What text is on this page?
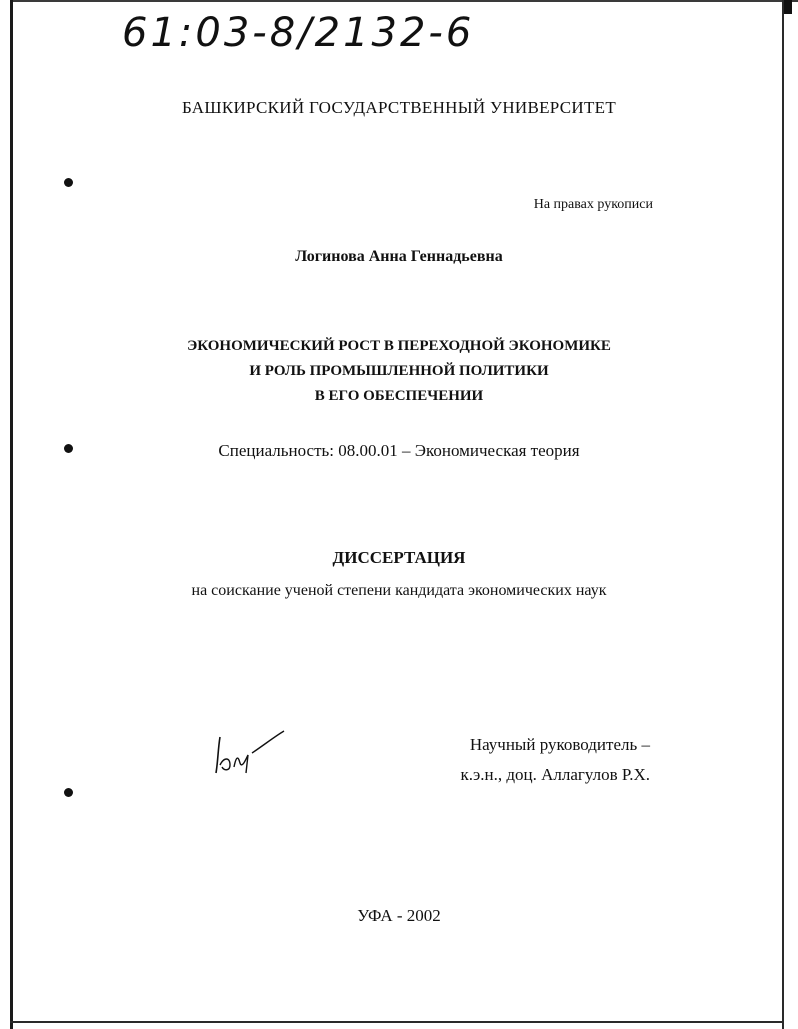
61:03-8/2132-6
БАШКИРСКИЙ ГОСУДАРСТВЕННЫЙ УНИВЕРСИТЕТ
На правах рукописи
Логинова Анна Геннадьевна
ЭКОНОМИЧЕСКИЙ РОСТ В ПЕРЕХОДНОЙ ЭКОНОМИКЕ
И РОЛЬ ПРОМЫШЛЕННОЙ ПОЛИТИКИ
В ЕГО ОБЕСПЕЧЕНИИ
Специальность: 08.00.01 – Экономическая теория
ДИССЕРТАЦИЯ
на соискание ученой степени кандидата экономических наук
Научный руководитель –
к.э.н., доц. Аллагулов Р.Х.
УФА - 2002
